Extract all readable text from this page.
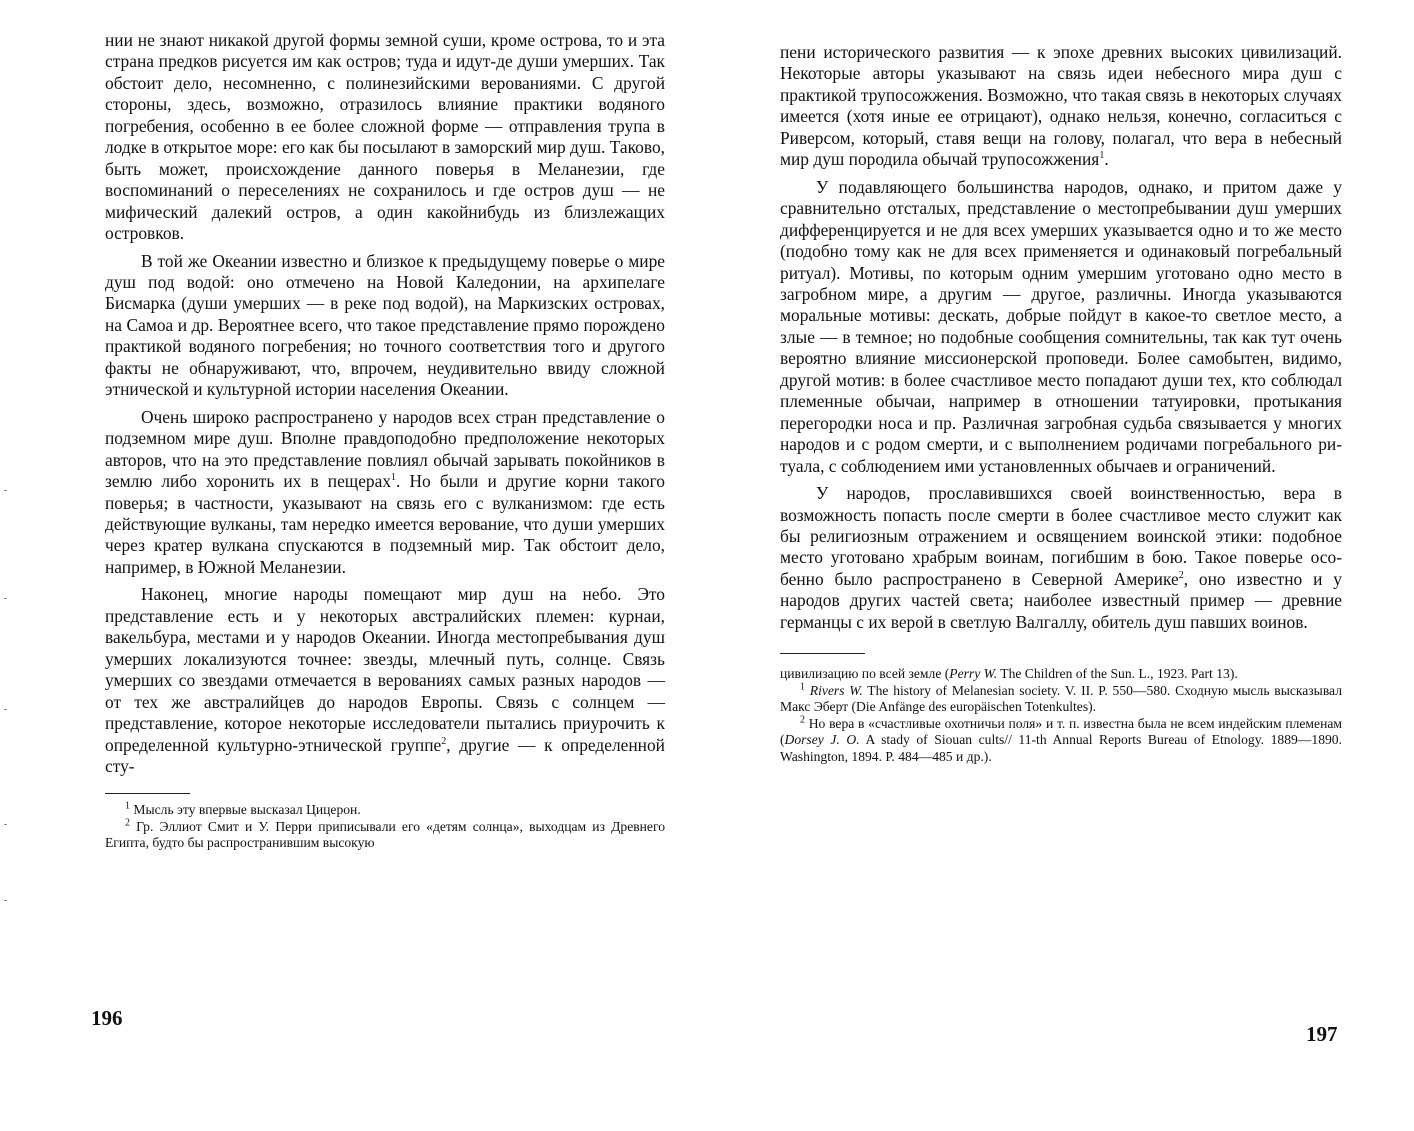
нии не знают никакой другой формы земной суши, кроме острова, то и эта страна предков рисуется им как остров; туда и идут-де души умерших. Так обстоит дело, несомненно, с полинезийскими верованиями. С другой стороны, здесь, возможно, отразилось влияние практики водяного погребения, особенно в ее более сложной форме — отправления трупа в лодке в открытое море: его как бы посылают в заморский мир душ. Таково, быть может, происхождение данного поверья в Меланезии, где воспоминаний о переселениях не сохранилось и где остров душ — не мифический далекий остров, а один какойнибудь из близлежащих островков.

В той же Океании известно и близкое к предыдущему поверье о мире душ под водой: оно отмечено на Новой Каледонии, на архипелаге Бисмарка (души умерших — в реке под водой), на Маркизских островах, на Самоа и др. Вероятнее всего, что такое представление прямо порождено практикой водяного погребения; но точного соответствия того и другого факты не обнаруживают, что, впрочем, неудивительно ввиду сложной этнической и культурной истории населения Океании.

Очень широко распространено у народов всех стран представление о подземном мире душ. Вполне правдоподобно предположение некоторых авторов, что на это представление повлиял обычай зарывать покойников в землю либо хоронить их в пещерах$^1$. Но были и другие корни такого поверья; в частности, указывают на связь его с вулканизмом: где есть действующие вулканы, там нередко имеется верование, что души умерших через кратер вулкана спускаются в подземный мир. Так обстоит дело, например, в Южной Меланезии.

Наконец, многие народы помещают мир душ на небо. Это представление есть и у некоторых австралийских племен: курнаи, вакельбура, местами и у народов Океании. Иногда местопребывания душ умерших локализуются точнее: звезды, млечный путь, солнце. Связь умерших со звездами отмечается в верованиях самых разных народов — от тех же австралийцев до народов Европы. Связь с солнцем — представление, которое некоторые исследователи пытались приурочить к определенной культурно-этнической группе$^2$, другие — к определенной сту-

$^1$ Мысль эту впервые высказал Цицерон.

$^2$ Гр. Эллиот Смит и У. Перри приписывали его «детям солнца», выходцам из Древнего Египта, будто бы распространившим высокую

196

пени исторического развития — к эпохе древних высоких цивилизаций. Некоторые авторы указывают на связь идеи небесного мира душ с практикой трупосожжения. Возможно, что такая связь в некоторых случаях имеется (хотя иные ее отрицают), однако нельзя, конечно, согласиться с Риверсом, который, ставя вещи на голову, полагал, что вера в небесный мир душ породила обычай трупосожжения$^1$.

У подавляющего большинства народов, однако, и притом даже у сравнительно отсталых, представление о местопребывании душ умерших дифференцируется и не для всех умерших указывается одно и то же место (подобно тому как не для всех применяется и одинаковый погребальный ритуал). Мотивы, по которым одним умершим уготовано одно место в загробном мире, а другим — другое, различны. Иногда указываются моральные мотивы: дескать, добрые пойдут в какое-то светлое место, а злые — в темное; но подобные сообщения сомнительны, так как тут очень вероятно влияние миссионерской проповеди. Более самобытен, видимо, другой мотив: в более счастливое место попадают души тех, кто соблюдал племенные обычаи, например в отношении татуировки, протыкания перегородки носа и пр. Различная загробная судьба связывается у многих народов и с родом смерти, и с выполнением родичами погребального ритуала, с соблюдением ими установленных обычаев и ограничений.

У народов, прославившихся своей воинственностью, вера в возможность попасть после смерти в более счастливое место служит как бы религиозным отражением и освящением воинской этики: подобное место уготовано храбрым воинам, погибшим в бою. Такое поверье особенно было распространено в Северной Америке$^2$, оно известно и у народов других частей света; наиболее известный пример — древние германцы с их верой в светлую Валгаллу, обитель душ павших воинов.

цивилизацию по всей земле (Perry W. The Children of the Sun. L., 1923. Part 13).

$^1$ Rivers W. The history of Melanesian society. V. II. P. 550—580. Сходную мысль высказывал Макс Эберт (Die Anfänge des europäischen Totenkultes).

$^2$ Но вера в «счастливые охотничьи поля» и т. п. известна была не всем индейским племенам (Dorsey J. O. A stady of Siouan cults// 11-th Annual Reports Bureau of Etnology. 1889—1890. Washington, 1894. P. 484—485 и др.).

197
